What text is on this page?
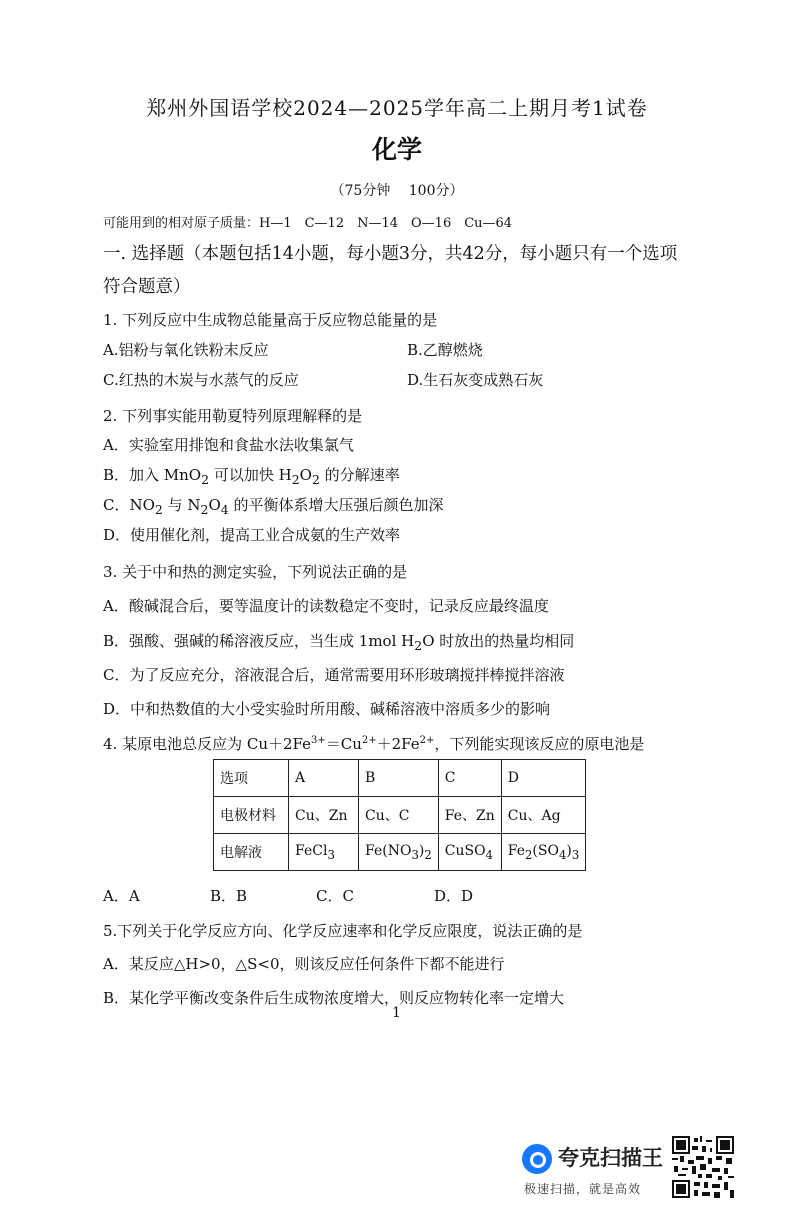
郑州外国语学校2024—2025学年高二上期月考1试卷
化学
（75分钟　 100分）
可能用到的相对原子质量：H—1　C—12　N—14　O—16　Cu—64
一. 选择题（本题包括14小题，每小题3分，共42分，每小题只有一个选项
符合题意）
1. 下列反应中生成物总能量高于反应物总能量的是
A.铝粉与氧化铁粉末反应	B.乙醇燃烧
C.红热的木炭与水蒸气的反应	D.生石灰变成熟石灰
2. 下列事实能用勒夏特列原理解释的是
A．实验室用排饱和食盐水法收集氯气
B．加入 MnO$_2$ 可以加快 $H_2O_2$ 的分解速率
C．$NO_2$ 与 $N_2O_4$ 的平衡体系增大压强后颜色加深
D．使用催化剂，提高工业合成氨的生产效率
3. 关于中和热的测定实验，下列说法正确的是
A．酸碱混合后，要等温度计的读数稳定不变时，记录反应最终温度
B．强酸、强碱的稀溶液反应，当生成 1mol $H_2O$ 时放出的热量均相同
C．为了反应充分，溶液混合后，通常需要用环形玻璃搅拌棒搅拌溶液
D．中和热数值的大小受实验时所用酸、碱稀溶液中溶质多少的影响
4. 某原电池总反应为 $Cu+2Fe^{3+}=Cu^{2+}+2Fe^{2+}$，下列能实现该反应的原电池是
选项	A	B	C	D
电极材料	Cu、Zn	Cu、C	Fe、Zn	Cu、Ag
电解液	FeCl$_3$	$Fe(NO_3)_2$	CuSO$_4$	$Fe_2(SO_4)_3$
A．A	B．B	C．C	D．D
5.下列关于化学反应方向、化学反应速率和化学反应限度，说法正确的是
A．某反应△H>0，△S<0，则该反应任何条件下都不能进行
B．某化学平衡改变条件后生成物浓度增大，则反应物转化率一定增大
1
夸克扫描王
极速扫描，就是高效
